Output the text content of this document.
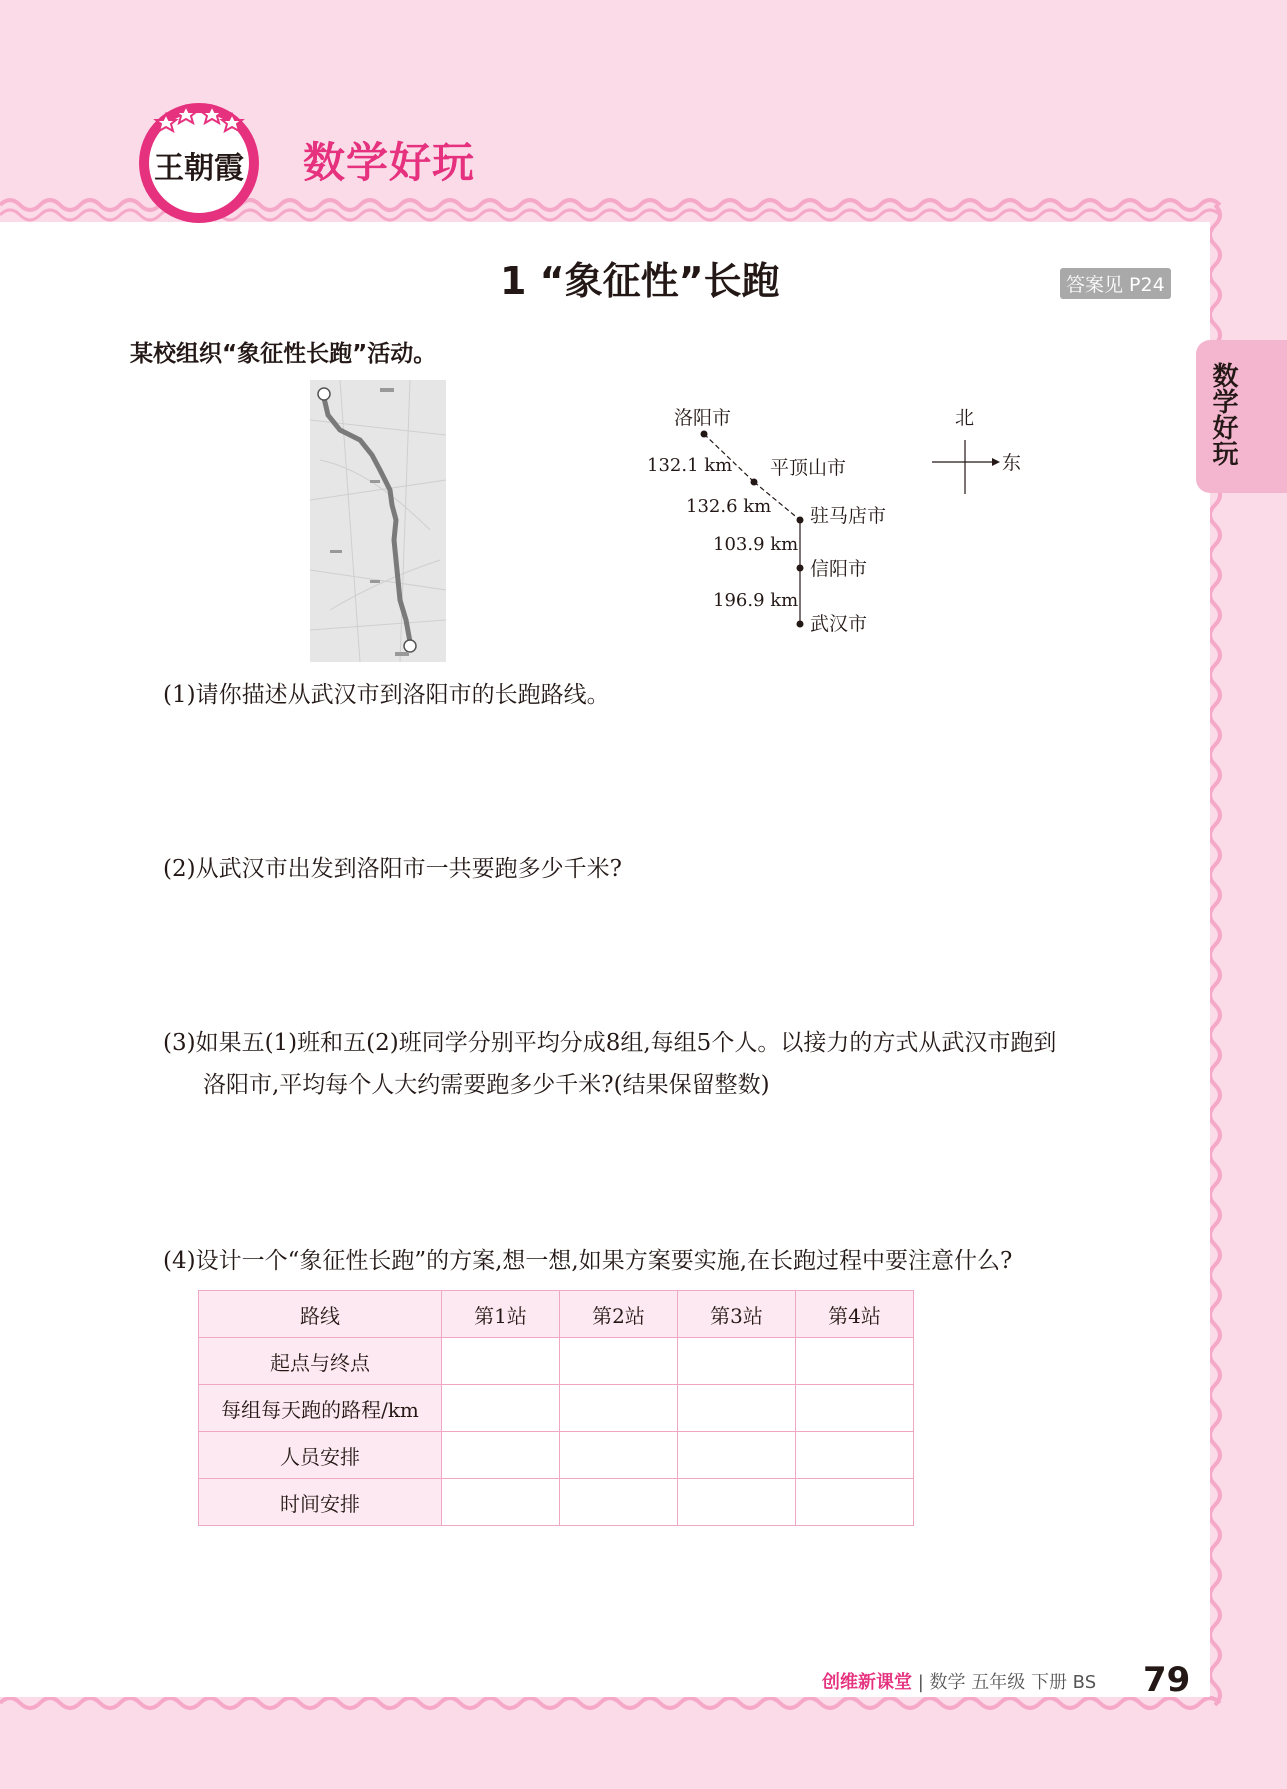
王朝霞 数学好玩
1 “象征性”长跑	答案见 P24
数学好玩
某校组织“象征性长跑”活动。
洛阳市
平顶山市
驻马店市
信阳市
武汉市
132.1 km
132.6 km
103.9 km
196.9 km
北
东
(1)请你描述从武汉市到洛阳市的长跑路线。
(2)从武汉市出发到洛阳市一共要跑多少千米?
(3)如果五(1)班和五(2)班同学分别平均分成8组,每组5个人。以接力的方式从武汉市跑到
洛阳市,平均每个人大约需要跑多少千米?(结果保留整数)
(4)设计一个“象征性长跑”的方案,想一想,如果方案要实施,在长跑过程中要注意什么?
路线	第1站	第2站	第3站	第4站
起点与终点				
每组每天跑的路程/km				
人员安排				
时间安排				
创维新课堂 | 数学 五年级 下册 BS 79
